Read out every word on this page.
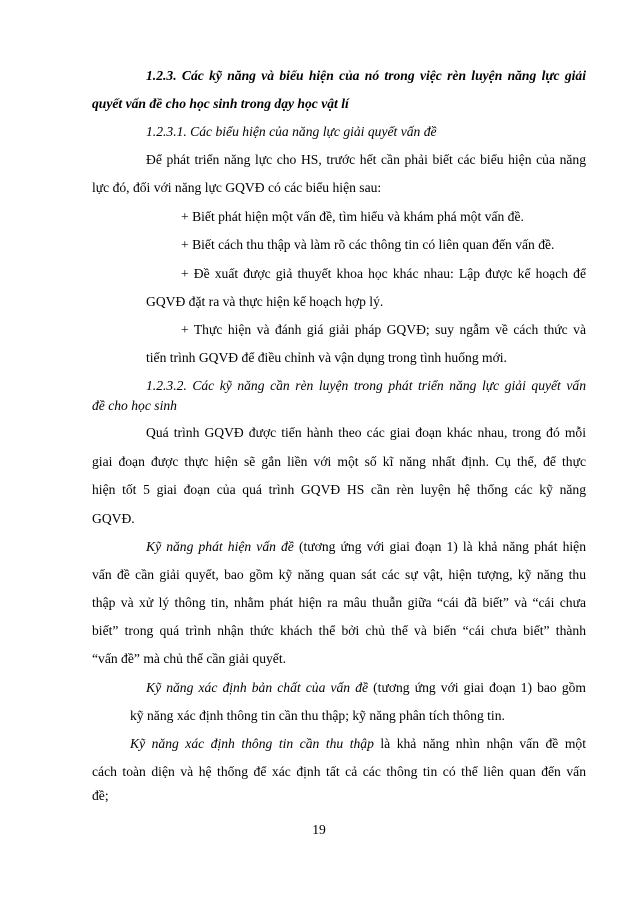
1.2.3. Các kỹ năng và biểu hiện của nó trong việc rèn luyện năng lực giải

quyết vấn đề cho học sinh trong dạy học vật lí

1.2.3.1. Các biểu hiện của năng lực giải quyết vấn đề

Để phát triển năng lực cho HS, trước hết cần phải biết các biểu hiện của năng

lực đó, đối với năng lực GQVĐ có các biểu hiện sau:

+ Biết phát hiện một vấn đề, tìm hiểu và khám phá một vấn đề.

+ Biết cách thu thập và làm rõ các thông tin có liên quan đến vấn đề.

+ Đề xuất được giả thuyết khoa học khác nhau: Lập được kế hoạch để

GQVĐ đặt ra và thực hiện kế hoạch hợp lý.

+ Thực hiện và đánh giá giải pháp GQVĐ; suy ngẫm về cách thức và

tiến trình GQVĐ để điều chỉnh và vận dụng trong tình huống mới.

1.2.3.2. Các kỹ năng cần rèn luyện trong phát triển năng lực giải quyết vấn

đề cho học sinh

Quá trình GQVĐ được tiến hành theo các giai đoạn khác nhau, trong đó mỗi

giai đoạn được thực hiện sẽ gắn liền với một số kĩ năng nhất định. Cụ thể, để thực

hiện tốt 5 giai đoạn của quá trình GQVĐ HS cần rèn luyện hệ thống các kỹ năng

GQVĐ.

Kỹ năng phát hiện vấn đề (tương ứng với giai đoạn 1) là khả năng phát hiện

vấn đề cần giải quyết, bao gồm kỹ năng quan sát các sự vật, hiện tượng, kỹ năng thu

thập và xử lý thông tin, nhằm phát hiện ra mâu thuẫn giữa “cái đã biết” và “cái chưa

biết” trong quá trình nhận thức khách thể bởi chủ thể và biến “cái chưa biết” thành

“vấn đề” mà chủ thể cần giải quyết.

Kỹ năng xác định bản chất của vấn đề (tương ứng với giai đoạn 1) bao gồm

kỹ năng xác định thông tin cần thu thập; kỹ năng phân tích thông tin.

Kỹ năng xác định thông tin cần thu thập là khả năng nhìn nhận vấn đề một

cách toàn diện và hệ thống để xác định tất cả các thông tin có thể liên quan đến vấn

đề;

19
